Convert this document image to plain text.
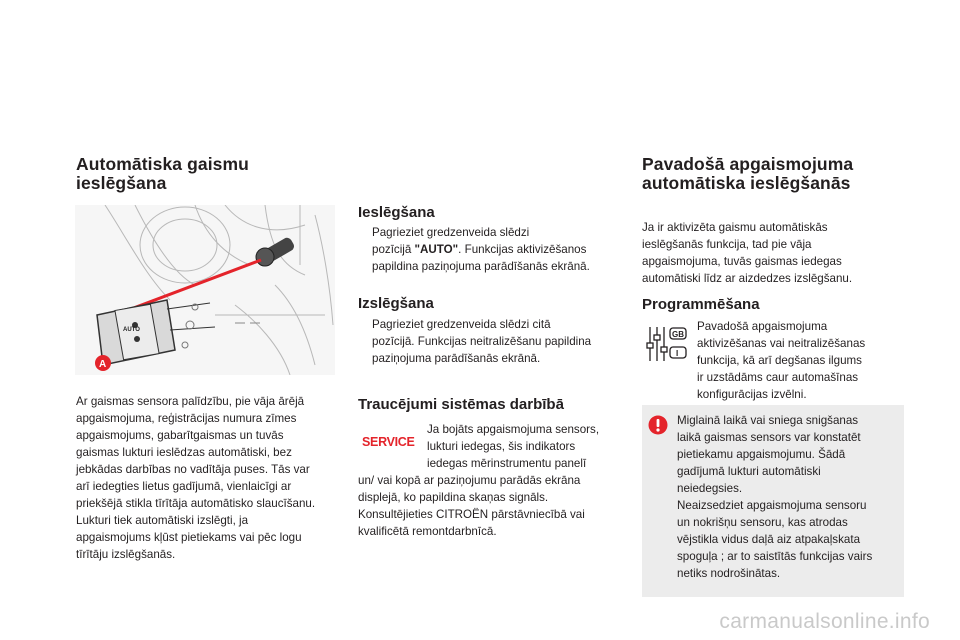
Automātiska gaismu
ieslēgšana
AUTO
A
Ar gaismas sensora palīdzību, pie vāja ārējā
apgaismojuma, reģistrācijas numura zīmes
apgaismojums, gabarītgaismas un tuvās
gaismas lukturi ieslēdzas automātiski, bez
jebkādas darbības no vadītāja puses. Tās var
arī iedegties lietus gadījumā, vienlaicīgi ar
priekšējā stikla tīrītāja automātisko slaucīšanu.
Lukturi tiek automātiski izslēgti, ja
apgaismojums kļūst pietiekams vai pēc logu
tīrītāju izslēgšanās.
Ieslēgšana
Pagrieziet gredzenveida slēdzi
pozīcijā "AUTO". Funkcijas aktivizēšanos
papildina paziņojuma parādīšanās ekrānā.
Izslēgšana
Pagrieziet gredzenveida slēdzi citā
pozīcijā. Funkcijas neitralizēšanu papildina
paziņojuma parādīšanās ekrānā.
Traucējumi sistēmas darbībā
SERVICE
Ja bojāts apgaismojuma sensors,
lukturi iedegas, šis indikators
iedegas mērinstrumentu panelī
un/ vai kopā ar paziņojumu parādās ekrāna
displejā, ko papildina skaņas signāls.
Konsultējieties CITROËN pārstāvniecībā vai
kvalificētā remontdarbnīcā.
Pavadošā apgaismojuma
automātiska ieslēgšanās
Ja ir aktivizēta gaismu automātiskās
ieslēgšanās funkcija, tad pie vāja
apgaismojuma, tuvās gaismas iedegas
automātiski līdz ar aizdedzes izslēgšanu.
Programmēšana
GB
I
Pavadošā apgaismojuma
aktivizēšanas vai neitralizēšanas
funkcija, kā arī degšanas ilgums
ir uzstādāms caur automašīnas
konfigurācijas izvēlni.
Miglainā laikā vai sniega snigšanas
laikā gaismas sensors var konstatēt
pietiekamu apgaismojumu. Šādā
gadījumā lukturi automātiski
neiedegsies.
Neaizsedziet apgaismojuma sensoru
un nokrišņu sensoru, kas atrodas
vējstikla vidus daļā aiz atpakaļskata
spoguļa ; ar to saistītās funkcijas vairs
netiks nodrošinātas.
carmanualsonline.info
